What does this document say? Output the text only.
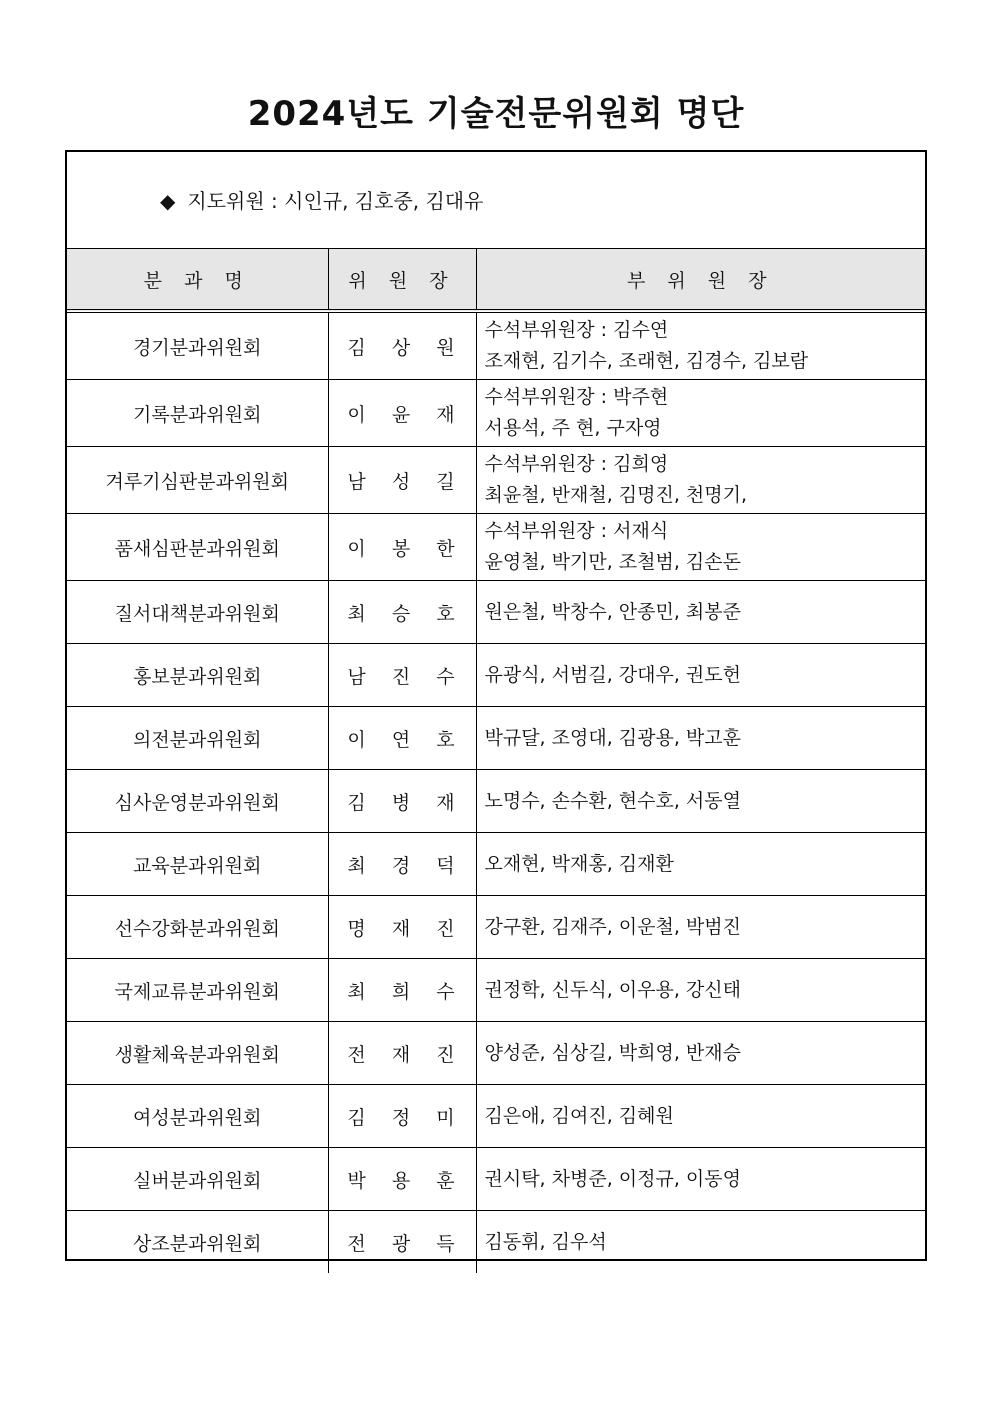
2024년도 기술전문위원회 명단
◆ 지도위원 : 시인규, 김호중, 김대유
분 과 명	위 원 장	부 위 원 장
경기분과위원회	김 상 원	수석부위원장 : 김수연
조재현, 김기수, 조래현, 김경수, 김보람

기록분과위원회	이 윤 재	수석부위원장 : 박주현
서용석, 주 현, 구자영

겨루기심판분과위원회	남 성 길	수석부위원장 : 김희영
최윤철, 반재철, 김명진, 천명기,

품새심판분과위원회	이 봉 한	수석부위원장 : 서재식
윤영철, 박기만, 조철범, 김손돈

질서대책분과위원회	최 승 호	원은철, 박창수, 안종민, 최봉준

홍보분과위원회	남 진 수	유광식, 서범길, 강대우, 권도헌

의전분과위원회	이 연 호	박규달, 조영대, 김광용, 박고훈

심사운영분과위원회	김 병 재	노명수, 손수환, 현수호, 서동열

교육분과위원회	최 경 덕	오재현, 박재홍, 김재환

선수강화분과위원회	명 재 진	강구환, 김재주, 이운철, 박범진

국제교류분과위원회	최 희 수	권정학, 신두식, 이우용, 강신태

생활체육분과위원회	전 재 진	양성준, 심상길, 박희영, 반재승

여성분과위원회	김 정 미	김은애, 김여진, 김혜원

실버분과위원회	박 용 훈	권시탁, 차병준, 이정규, 이동영

상조분과위원회	전 광 득	김동휘, 김우석
